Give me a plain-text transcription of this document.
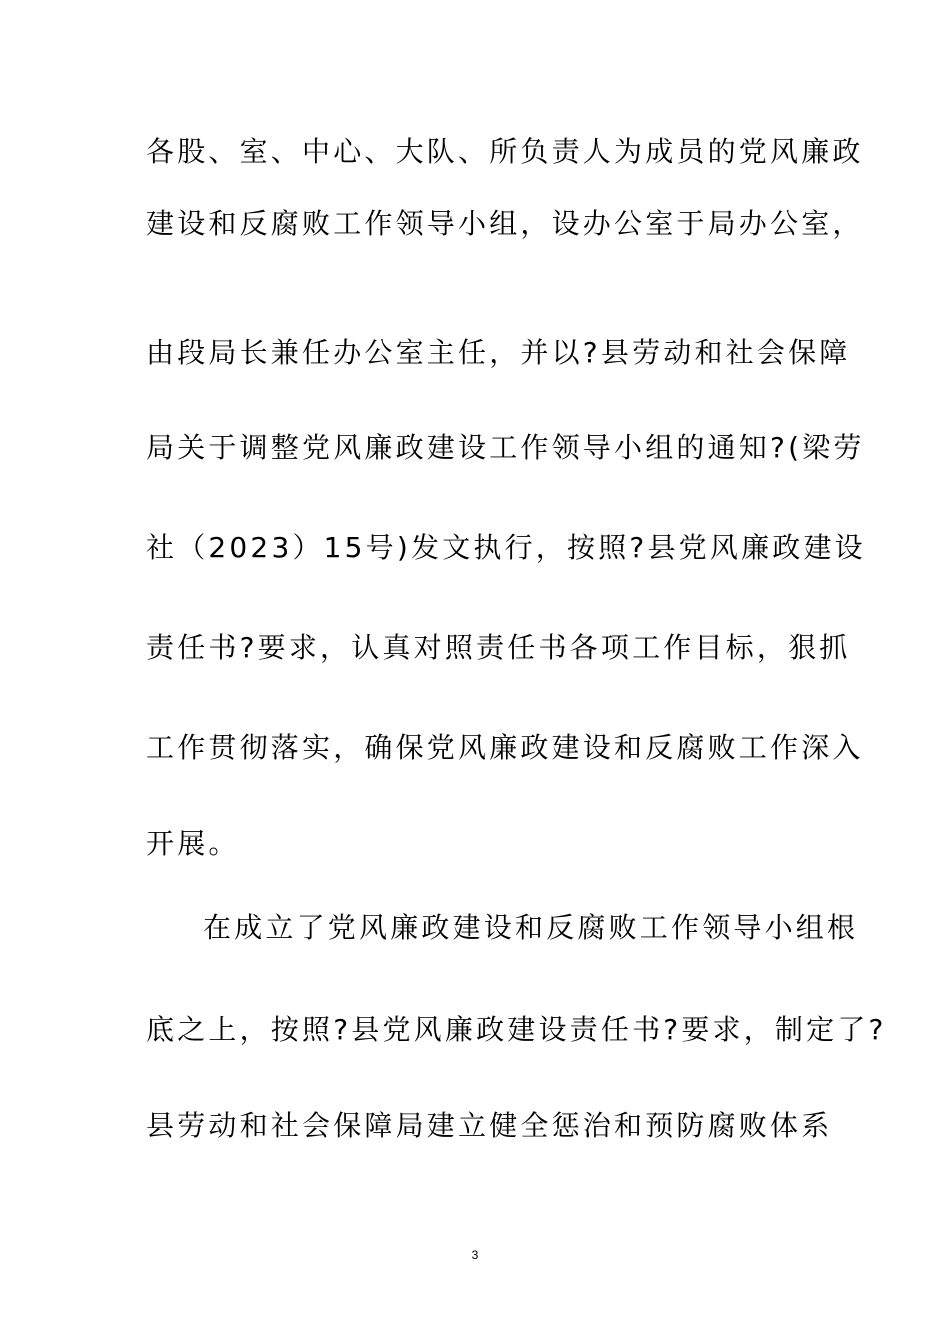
各股、室、中心、大队、所负责人为成员的党风廉政
建设和反腐败工作领导小组，设办公室于局办公室，
由段局长兼任办公室主任，并以?县劳动和社会保障
局关于调整党风廉政建设工作领导小组的通知?(梁劳
社（2023）15号)发文执行，按照?县党风廉政建设
责任书?要求，认真对照责任书各项工作目标，狠抓
工作贯彻落实，确保党风廉政建设和反腐败工作深入
开展。
在成立了党风廉政建设和反腐败工作领导小组根
底之上，按照?县党风廉政建设责任书?要求，制定了?
县劳动和社会保障局建立健全惩治和预防腐败体系
3
